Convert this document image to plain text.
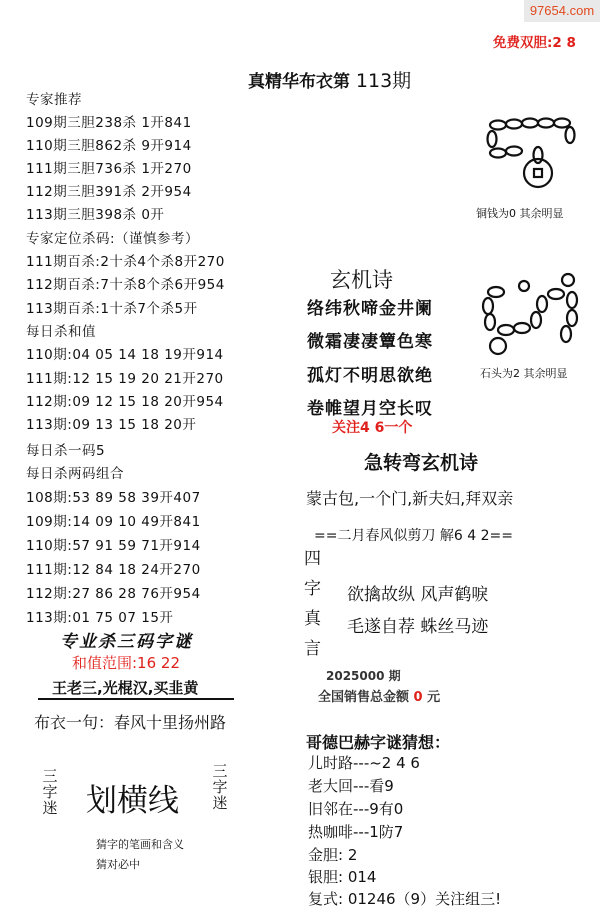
97654.com
免费双胆:2 8
真精华布衣第 113期
专家推荐
109期三胆238杀 1开841
110期三胆862杀 9开914
111期三胆736杀 1开270
112期三胆391杀 2开954
113期三胆398杀 0开
专家定位杀码:（谨慎参考）
111期百杀:2十杀4个杀8开270
112期百杀:7十杀8个杀6开954
113期百杀:1十杀7个杀5开
每日杀和值
110期:04 05 14 18 19开914
111期:12 15 19 20 21开270
112期:09 12 15 18 20开954
113期:09 13 15 18 20开
每日杀一码5
每日杀两码组合
108期:53 89 58 39开407
109期:14 09 10 49开841
110期:57 91 59 71开914
111期:12 84 18 24开270
112期:27 86 28 76开954
113期:01 75 07 15开
专业杀三码字谜
和值范围:16 22
王老三,光棍汉,买韭黄
布衣一句：春风十里扬州路
三
字
迷 划横线
三
字
迷
猜字的笔画和含义
猜对必中
铜钱为0 其余明显
石头为2 其余明显
玄机诗
络纬秋啼金井阑
微霜凄凄簟色寒
孤灯不明思欲绝
卷帷望月空长叹
关注4 6一个
急转弯玄机诗
蒙古包,一个门,新夫妇,拜双亲
==二月春风似剪刀 解6 4 2==
四
字
真
言
欲擒故纵 风声鹤唳
毛遂自荐 蛛丝马迹
2025000 期
全国销售总金额 0 元
哥德巴赫字谜猜想：
儿时路---~2 4 6
老大回---看9
旧邻在---9有0
热咖啡---1防7
金胆: 2
银胆: 014
复式: 01246（9）关注组三!
